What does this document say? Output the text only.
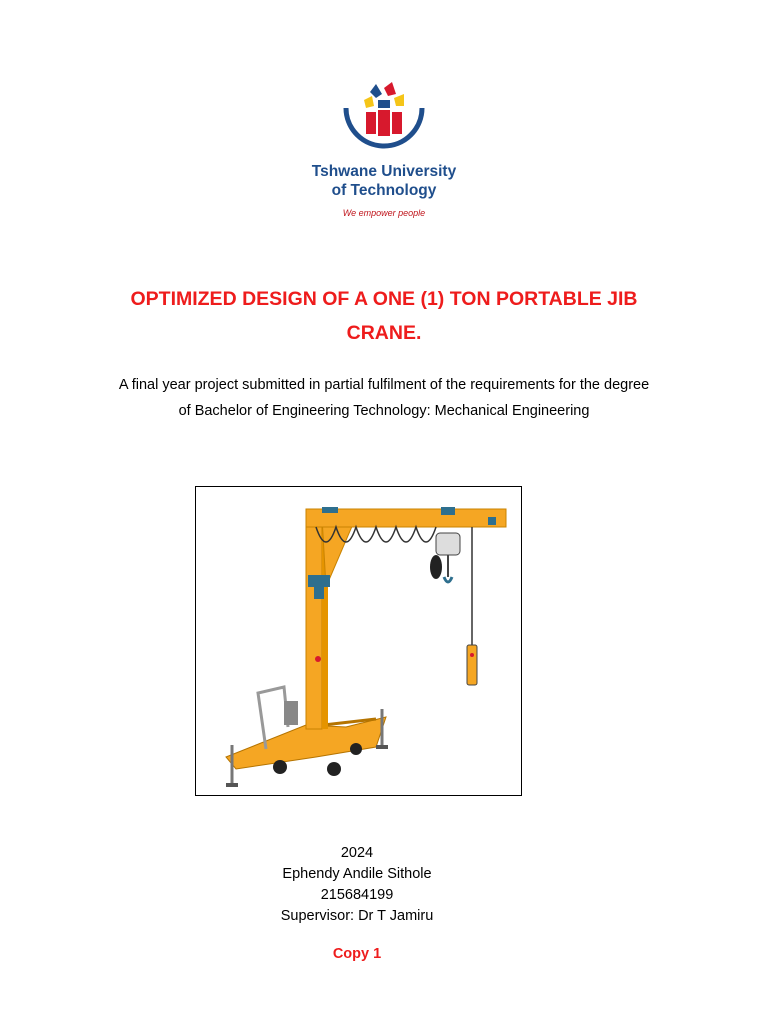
Tshwane University
of Technology
We empower people
OPTIMIZED DESIGN OF A ONE (1) TON PORTABLE JIB
CRANE.
A final year project submitted in partial fulfilment of the requirements for the degree
of Bachelor of Engineering Technology: Mechanical Engineering
2024
Ephendy Andile Sithole
215684199
Supervisor: Dr T Jamiru
Copy 1
